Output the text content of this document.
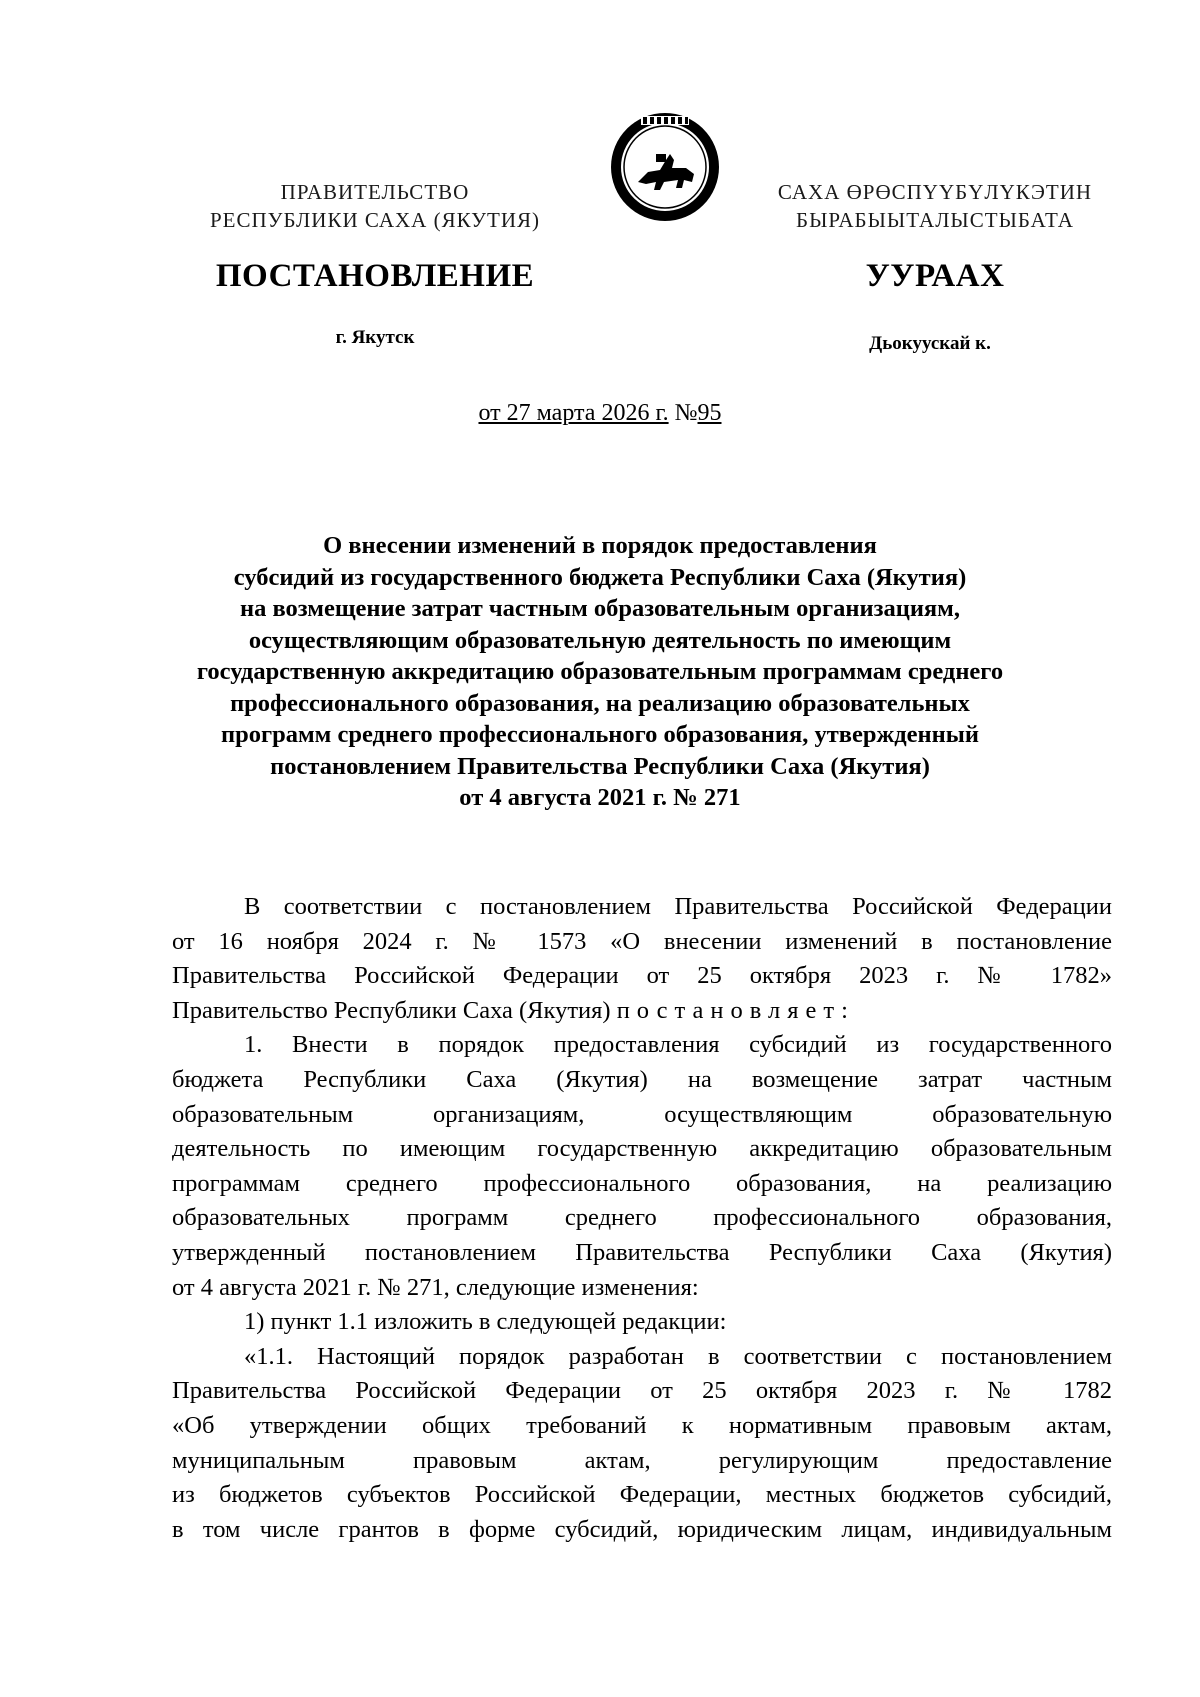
ПРАВИТЕЛЬСТВО
РЕСПУБЛИКИ САХА (ЯКУТИЯ)
САХА ӨРӨСПҮҮБҮЛҮКЭТИН
БЫРАБЫЫТАЛЫСТЫБАТА
ПОСТАНОВЛЕНИЕ	УУРААХ
г. Якутск	Дьокуускай к.
от 27 марта 2026 г. №95
О внесении изменений в порядок предоставления
субсидий из государственного бюджета Республики Саха (Якутия)
на возмещение затрат частным образовательным организациям,
осуществляющим образовательную деятельность по имеющим
государственную аккредитацию образовательным программам среднего
профессионального образования, на реализацию образовательных
программ среднего профессионального образования, утвержденный
постановлением Правительства Республики Саха (Якутия)
от 4 августа 2021 г. № 271
В соответствии с постановлением Правительства Российской Федерации
от 16 ноября 2024 г. № 1573 «О внесении изменений в постановление
Правительства Российской Федерации от 25 октября 2023 г. № 1782»
Правительство Республики Саха (Якутия) постановляет:
1. Внести в порядок предоставления субсидий из государственного
бюджета Республики Саха (Якутия) на возмещение затрат частным
образовательным организациям, осуществляющим образовательную
деятельность по имеющим государственную аккредитацию образовательным
программам среднего профессионального образования, на реализацию
образовательных программ среднего профессионального образования,
утвержденный постановлением Правительства Республики Саха (Якутия)
от 4 августа 2021 г. № 271, следующие изменения:
1) пункт 1.1 изложить в следующей редакции:
«1.1. Настоящий порядок разработан в соответствии с постановлением
Правительства Российской Федерации от 25 октября 2023 г. № 1782
«Об утверждении общих требований к нормативным правовым актам,
муниципальным правовым актам, регулирующим предоставление
из бюджетов субъектов Российской Федерации, местных бюджетов субсидий,
в том числе грантов в форме субсидий, юридическим лицам, индивидуальным
